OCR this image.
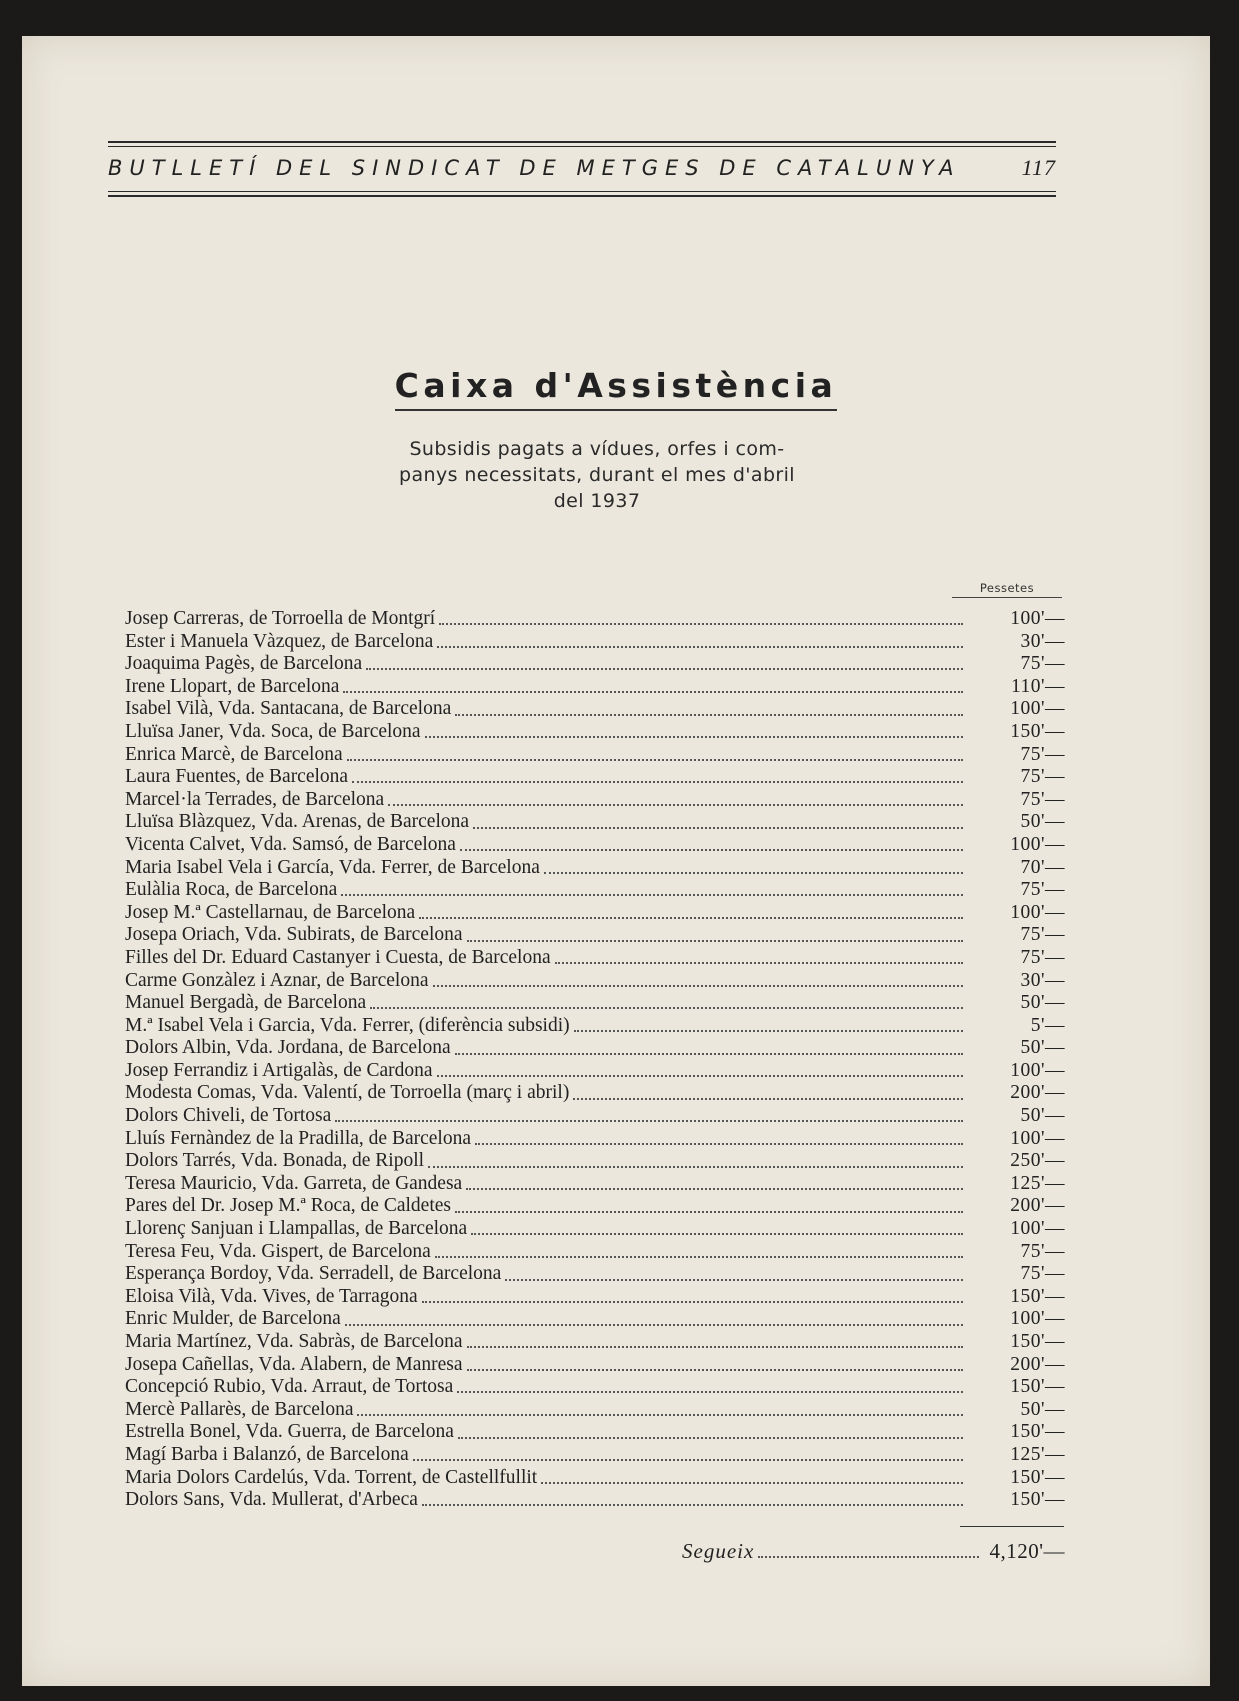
BUTLLETÍ DEL SINDICAT DE METGES DE CATALUNYA	117
Caixa d'Assistència
Subsidis pagats a vídues, orfes i com-
panys necessitats, durant el mes d'abril
del 1937
Pessetes
Josep Carreras, de Torroella de Montgrí	100'—
Ester i Manuela Vàzquez, de Barcelona	30'—
Joaquima Pagès, de Barcelona	75'—
Irene Llopart, de Barcelona	110'—
Isabel Vilà, Vda. Santacana, de Barcelona	100'—
Lluïsa Janer, Vda. Soca, de Barcelona	150'—
Enrica Marcè, de Barcelona	75'—
Laura Fuentes, de Barcelona	75'—
Marcel·la Terrades, de Barcelona	75'—
Lluïsa Blàzquez, Vda. Arenas, de Barcelona	50'—
Vicenta Calvet, Vda. Samsó, de Barcelona	100'—
Maria Isabel Vela i García, Vda. Ferrer, de Barcelona	70'—
Eulàlia Roca, de Barcelona	75'—
Josep M.ª Castellarnau, de Barcelona	100'—
Josepa Oriach, Vda. Subirats, de Barcelona	75'—
Filles del Dr. Eduard Castanyer i Cuesta, de Barcelona	75'—
Carme Gonzàlez i Aznar, de Barcelona	30'—
Manuel Bergadà, de Barcelona	50'—
M.ª Isabel Vela i Garcia, Vda. Ferrer, (diferència subsidi)	5'—
Dolors Albin, Vda. Jordana, de Barcelona	50'—
Josep Ferrandiz i Artigalàs, de Cardona	100'—
Modesta Comas, Vda. Valentí, de Torroella (març i abril)	200'—
Dolors Chiveli, de Tortosa	50'—
Lluís Fernàndez de la Pradilla, de Barcelona	100'—
Dolors Tarrés, Vda. Bonada, de Ripoll	250'—
Teresa Mauricio, Vda. Garreta, de Gandesa	125'—
Pares del Dr. Josep M.ª Roca, de Caldetes	200'—
Llorenç Sanjuan i Llampallas, de Barcelona	100'—
Teresa Feu, Vda. Gispert, de Barcelona	75'—
Esperança Bordoy, Vda. Serradell, de Barcelona	75'—
Eloisa Vilà, Vda. Vives, de Tarragona	150'—
Enric Mulder, de Barcelona	100'—
Maria Martínez, Vda. Sabràs, de Barcelona	150'—
Josepa Cañellas, Vda. Alabern, de Manresa	200'—
Concepció Rubio, Vda. Arraut, de Tortosa	150'—
Mercè Pallarès, de Barcelona	50'—
Estrella Bonel, Vda. Guerra, de Barcelona	150'—
Magí Barba i Balanzó, de Barcelona	125'—
Maria Dolors Cardelús, Vda. Torrent, de Castellfullit	150'—
Dolors Sans, Vda. Mullerat, d'Arbeca	150'—
Segueix	4,120'—
